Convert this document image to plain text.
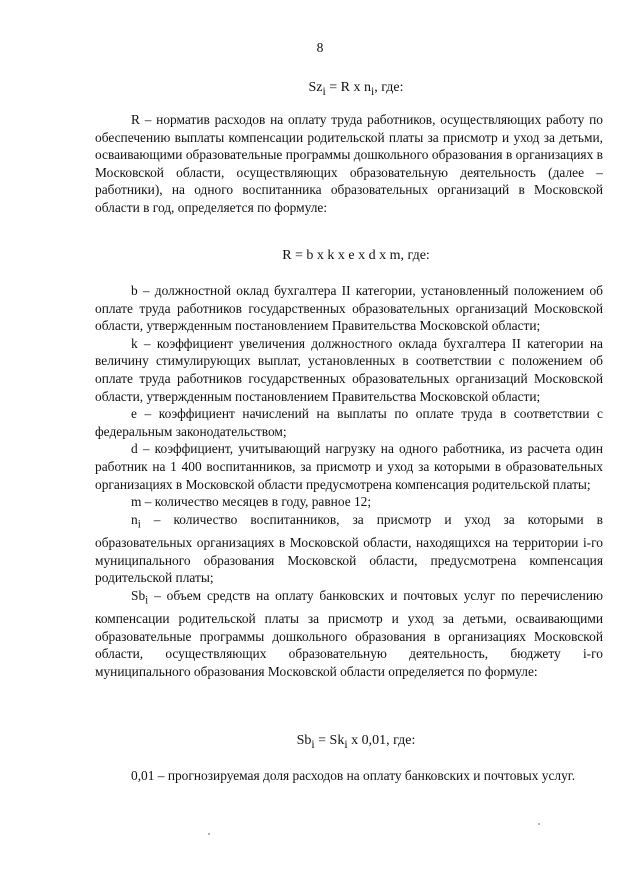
8
$Sz_i = R$ x $n_i$, где:

R – норматив расходов на оплату труда работников, осуществляющих работу по обеспечению выплаты компенсации родительской платы за присмотр и уход за детьми, осваивающими образовательные программы дошкольного образования в организациях в Московской области, осуществляющих образовательную деятельность (далее – работники), на одного воспитанника образовательных организаций в Московской области в год, определяется по формуле:

R = b x k x e x d x m, где:

b – должностной оклад бухгалтера II категории, установленный положением об оплате труда работников государственных образовательных организаций Московской области, утвержденным постановлением Правительства Московской области;

k – коэффициент увеличения должностного оклада бухгалтера II категории на величину стимулирующих выплат, установленных в соответствии с положением об оплате труда работников государственных образовательных организаций Московской области, утвержденным постановлением Правительства Московской области;

e – коэффициент начислений на выплаты по оплате труда в соответствии с федеральным законодательством;

d – коэффициент, учитывающий нагрузку на одного работника, из расчета один работник на 1 400 воспитанников, за присмотр и уход за которыми в образовательных организациях в Московской области предусмотрена компенсация родительской платы;

m – количество месяцев в году, равное 12;

$n_i$ – количество воспитанников, за присмотр и уход за которыми в образовательных организациях в Московской области, находящихся на территории i-го муниципального образования Московской области, предусмотрена компенсация родительской платы;

$Sb_i$ – объем средств на оплату банковских и почтовых услуг по перечислению компенсации родительской платы за присмотр и уход за детьми, осваивающими образовательные программы дошкольного образования в организациях Московской области, осуществляющих образовательную деятельность, бюджету i-го муниципального образования Московской области определяется по формуле:

$Sb_i = Sk_i$ x 0,01, где:

0,01 – прогнозируемая доля расходов на оплату банковских и почтовых услуг.
